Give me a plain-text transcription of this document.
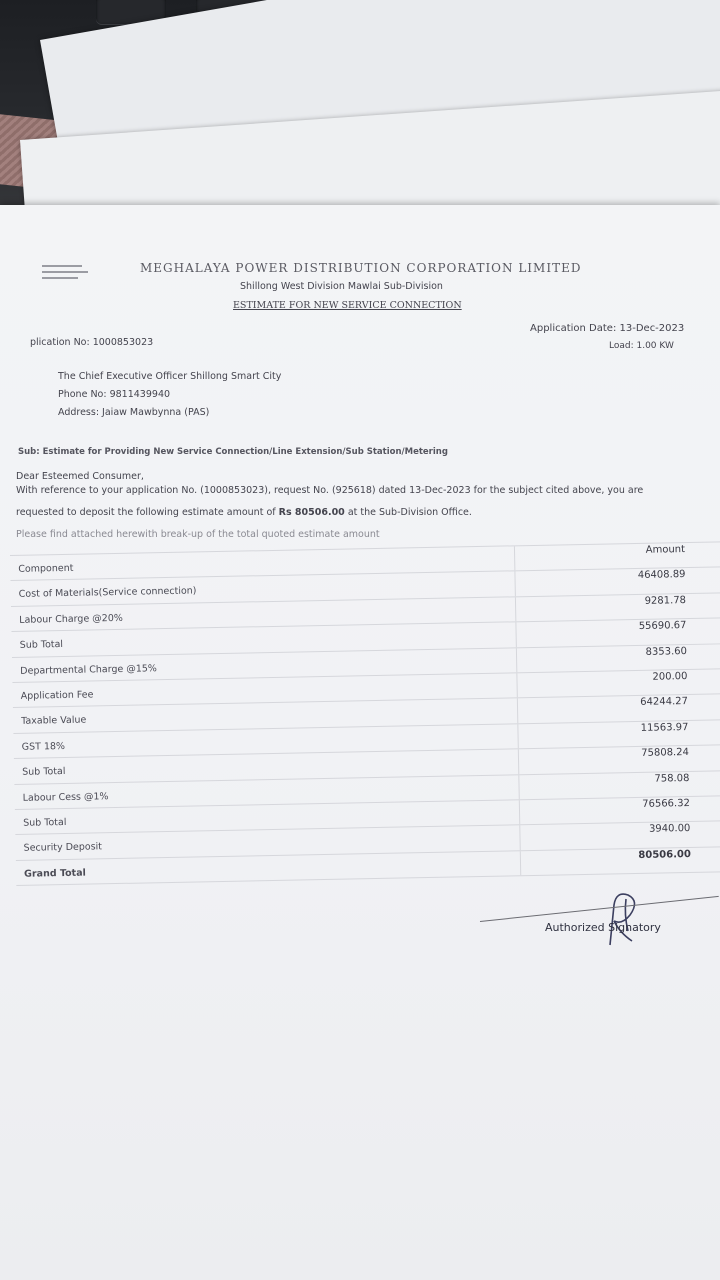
MEGHALAYA POWER DISTRIBUTION CORPORATION LIMITED
Shillong West Division Mawlai Sub-Division
ESTIMATE FOR NEW SERVICE CONNECTION
plication No: 1000853023
Application Date: 13-Dec-2023
Load: 1.00 KW
The Chief Executive Officer Shillong Smart City
Phone No: 9811439940
Address: Jaiaw Mawbynna (PAS)
Sub: Estimate for Providing New Service Connection/Line Extension/Sub Station/Metering
Dear Esteemed Consumer,
With reference to your application No. (1000853023), request No. (925618) dated 13-Dec-2023 for the subject cited above, you are
requested to deposit the following estimate amount of Rs 80506.00 at the Sub-Division Office.
Please find attached herewith break-up of the total quoted estimate amount
Component
Amount
Cost of Materials(Service connection)
46408.89
Labour Charge @20%
9281.78
Sub Total
55690.67
Departmental Charge @15%
8353.60
Application Fee
200.00
Taxable Value
64244.27
GST 18%
11563.97
Sub Total
75808.24
Labour Cess @1%
758.08
Sub Total
76566.32
Security Deposit
3940.00
Grand Total
80506.00
Authorized Signatory
